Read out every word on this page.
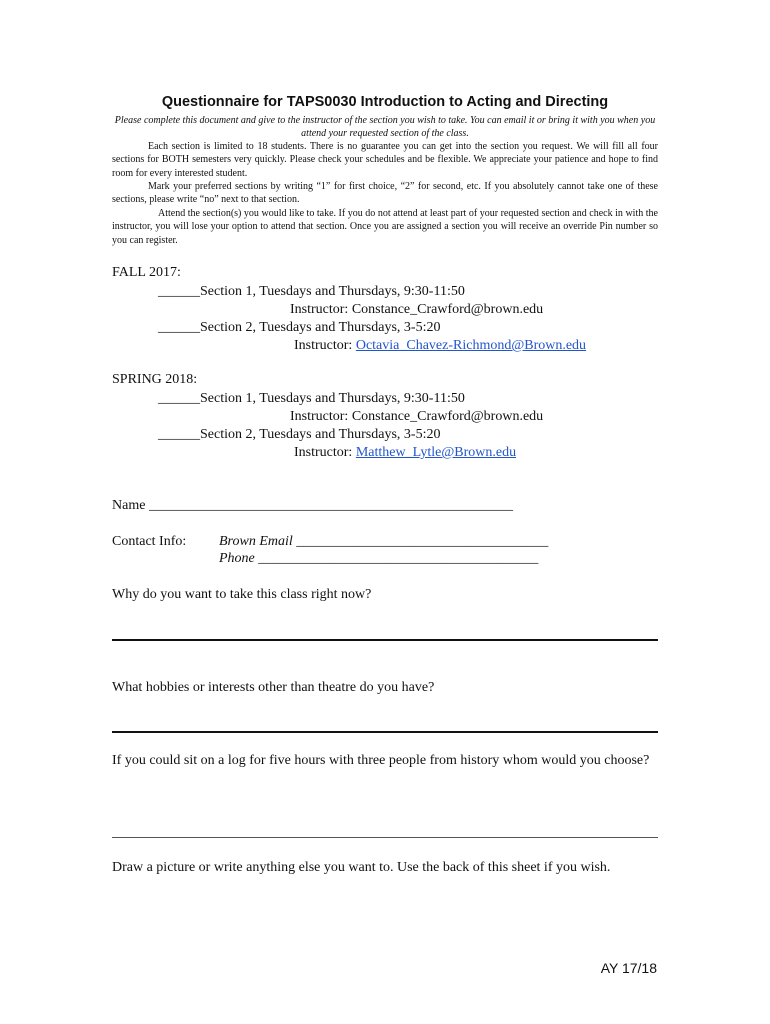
Questionnaire for TAPS0030 Introduction to Acting and Directing
Please complete this document and give to the instructor of the section you wish to take. You can email it or bring it with you when you attend your requested section of the class.
Each section is limited to 18 students. There is no guarantee you can get into the section you request. We will fill all four sections for BOTH semesters very quickly. Please check your schedules and be flexible. We appreciate your patience and hope to find room for every interested student.
Mark your preferred sections by writing “1” for first choice, “2” for second, etc. If you absolutely cannot take one of these sections, please write “no” next to that section.
Attend the section(s) you would like to take. If you do not attend at least part of your requested section and check in with the instructor, you will lose your option to attend that section. Once you are assigned a section you will receive an override Pin number so you can register.
FALL 2017:
______Section 1, Tuesdays and Thursdays, 9:30-11:50
Instructor: Constance_Crawford@brown.edu
______Section 2, Tuesdays and Thursdays, 3-5:20
Instructor: Octavia_Chavez-Richmond@Brown.edu
SPRING 2018:
______Section 1, Tuesdays and Thursdays, 9:30-11:50
Instructor: Constance_Crawford@brown.edu
______Section 2, Tuesdays and Thursdays, 3-5:20
Instructor: Matthew_Lytle@Brown.edu
Name ____________________________________________________
Contact Info: Brown Email ____________________________________
Phone ________________________________________
Why do you want to take this class right now?
What hobbies or interests other than theatre do you have?
If you could sit on a log for five hours with three people from history whom would you choose?
Draw a picture or write anything else you want to. Use the back of this sheet if you wish.
AY 17/18
